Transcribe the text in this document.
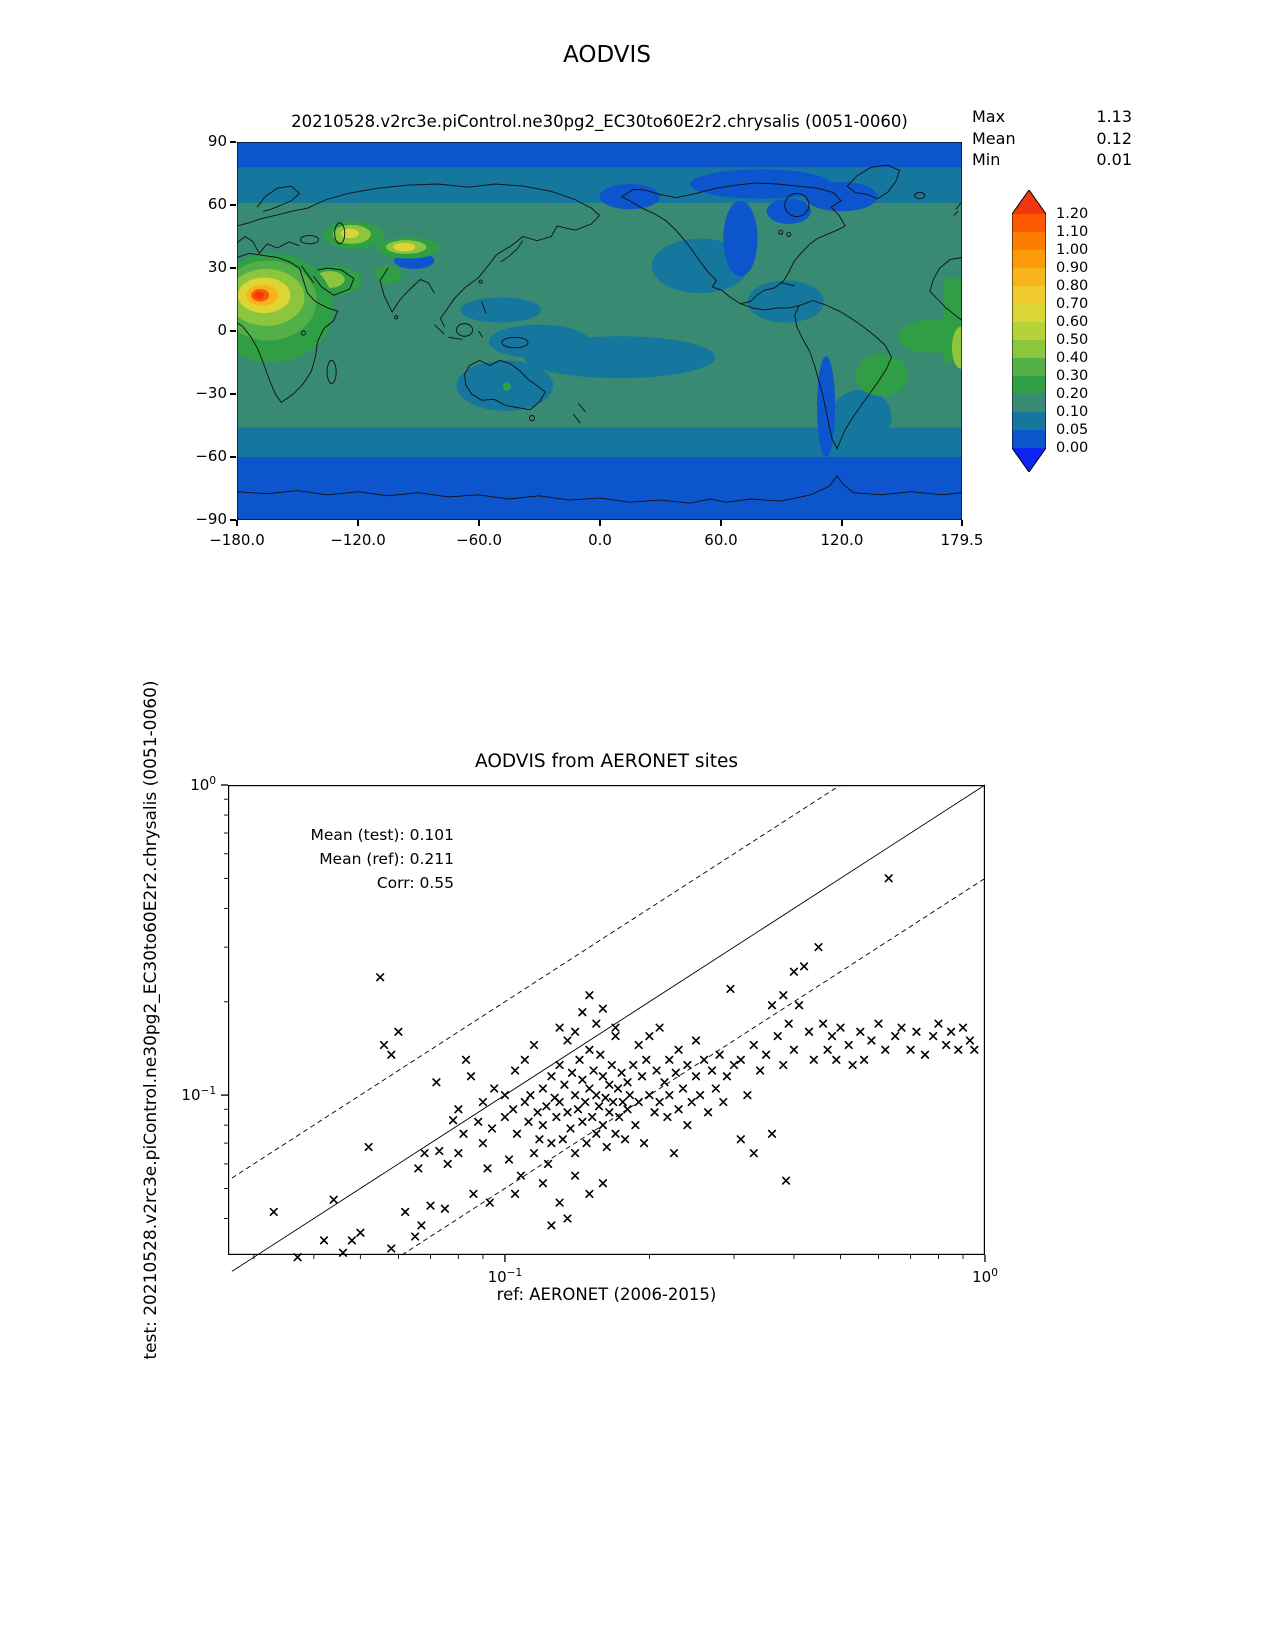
AODVIS
20210528.v2rc3e.piControl.ne30pg2_EC30to60E2r2.chrysalis (0051-0060)	Max	1.13
Mean	0.12
Min	0.01
−180.0	−120.0	−60.0	0.0	60.0	120.0	179.5
90
60
30
0
−30
−60
−90
1.20
1.10
1.00
0.90
0.80
0.70
0.60
0.50
0.40
0.30
0.20
0.10
0.05
0.00
AODVIS from AERONET sites
Mean (test): 0.101
Mean (ref): 0.211
Corr: 0.55
ref: AERONET (2006-2015)
$10^{-1}$	$10^0$
$10^0$
$10^{-1}$
test: 20210528.v2rc3e.piControl.ne30pg2_EC30to60E2r2.chrysalis (0051-0060)
